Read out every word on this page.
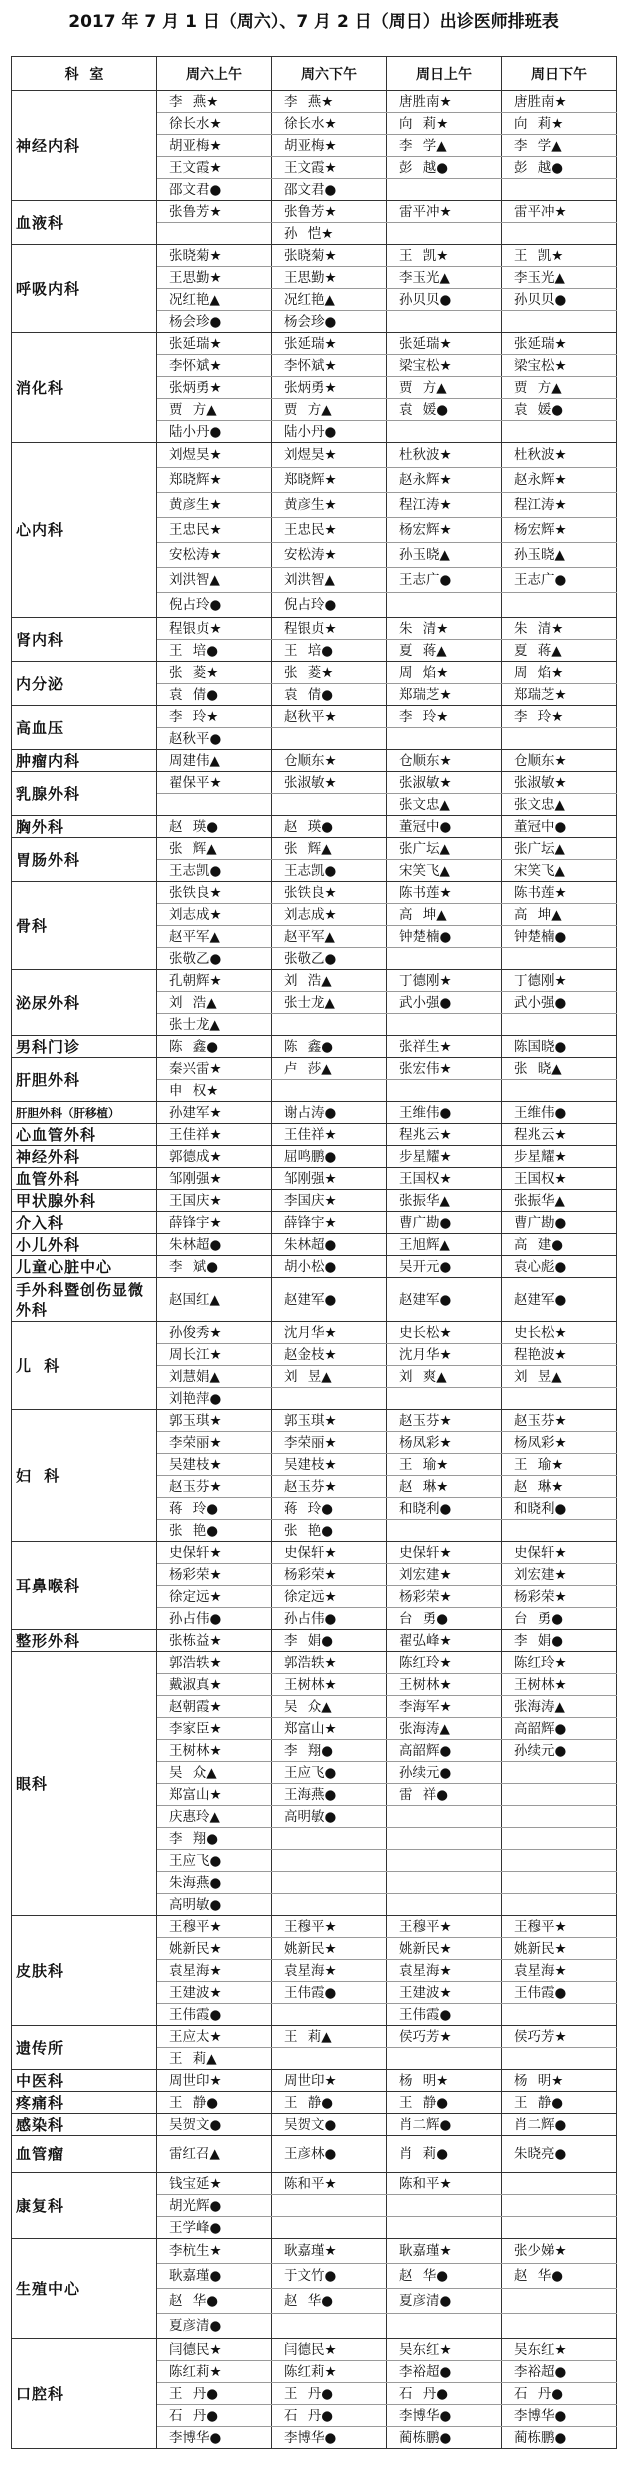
2017 年 7 月 1 日（周六）、7 月 2 日（周日）出诊医师排班表
科 室	周六上午	周六下午	周日上午	周日下午
神经内科	李 燕★	李 燕★	唐胜南★	唐胜南★
	徐长水★	徐长水★	向 莉★	向 莉★
	胡亚梅★	胡亚梅★	李 学▲	李 学▲
	王文霞★	王文霞★	彭 越●	彭 越●
	邵文君●	邵文君●		
血液科	张鲁芳★	张鲁芳★	雷平冲★	雷平冲★
		孙 恺★		
呼吸内科	张晓菊★	张晓菊★	王 凯★	王 凯★
	王思勤★	王思勤★	李玉光▲	李玉光▲
	况红艳▲	况红艳▲	孙贝贝●	孙贝贝●
	杨会珍●	杨会珍●		
消化科	张延瑞★	张延瑞★	张延瑞★	张延瑞★
	李怀斌★	李怀斌★	梁宝松★	梁宝松★
	张炳勇★	张炳勇★	贾 方▲	贾 方▲
	贾 方▲	贾 方▲	袁 媛●	袁 媛●
	陆小丹●	陆小丹●		
心内科	刘煜昊★	刘煜昊★	杜秋波★	杜秋波★
	郑晓辉★	郑晓辉★	赵永辉★	赵永辉★
	黄彦生★	黄彦生★	程江涛★	程江涛★
	王忠民★	王忠民★	杨宏辉★	杨宏辉★
	安松涛★	安松涛★	孙玉晓▲	孙玉晓▲
	刘洪智▲	刘洪智▲	王志广●	王志广●
	倪占玲●	倪占玲●		
肾内科	程银贞★	程银贞★	朱 清★	朱 清★
	王 培●	王 培●	夏 蒋▲	夏 蒋▲
内分泌	张 菱★	张 菱★	周 焰★	周 焰★
	袁 倩●	袁 倩●	郑瑞芝★	郑瑞芝★
高血压	李 玲★	赵秋平★	李 玲★	李 玲★
	赵秋平●			
肿瘤内科	周建伟▲	仓顺东★	仓顺东★	仓顺东★
乳腺外科	翟保平★	张淑敏★	张淑敏★	张淑敏★
			张文忠▲	张文忠▲
胸外科	赵 瑛●	赵 瑛●	董冠中●	董冠中●
胃肠外科	张 辉▲	张 辉▲	张广坛▲	张广坛▲
	王志凯●	王志凯●	宋笑飞▲	宋笑飞▲
骨科	张铁良★	张铁良★	陈书莲★	陈书莲★
	刘志成★	刘志成★	高 坤▲	高 坤▲
	赵平军▲	赵平军▲	钟楚楠●	钟楚楠●
	张敬乙●	张敬乙●		
泌尿外科	孔朝辉★	刘 浩▲	丁德刚★	丁德刚★
	刘 浩▲	张士龙▲	武小强●	武小强●
	张士龙▲			
男科门诊	陈 鑫●	陈 鑫●	张祥生★	陈国晓●
肝胆外科	秦兴雷★	卢 莎▲	张宏伟★	张 晓▲
	申 权★			
肝胆外科（肝移植）	孙建军★	谢占涛●	王维伟●	王维伟●
心血管外科	王佳祥★	王佳祥★	程兆云★	程兆云★
神经外科	郭德成★	屈鸣鹏●	步星耀★	步星耀★
血管外科	邹刚强★	邹刚强★	王国权★	王国权★
甲状腺外科	王国庆★	李国庆★	张振华▲	张振华▲
介入科	薛锋宇★	薛锋宇★	曹广勘●	曹广勘●
小儿外科	朱林超●	朱林超●	王旭辉▲	高 建●
儿童心脏中心	李 斌●	胡小松●	吴开元●	袁心彪●
手外科暨创伤显微外科	赵国红▲	赵建军●	赵建军●	赵建军●
儿 科	孙俊秀★	沈月华★	史长松★	史长松★
	周长江★	赵金枝★	沈月华★	程艳波★
	刘慧娟▲	刘 昱▲	刘 爽▲	刘 昱▲
	刘艳萍●			
妇 科	郭玉琪★	郭玉琪★	赵玉芬★	赵玉芬★
	李荣丽★	李荣丽★	杨凤彩★	杨凤彩★
	吴建枝★	吴建枝★	王 瑜★	王 瑜★
	赵玉芬★	赵玉芬★	赵 琳★	赵 琳★
	蒋 玲●	蒋 玲●	和晓利●	和晓利●
	张 艳●	张 艳●		
耳鼻喉科	史保轩★	史保轩★	史保轩★	史保轩★
	杨彩荣★	杨彩荣★	刘宏建★	刘宏建★
	徐定远★	徐定远★	杨彩荣★	杨彩荣★
	孙占伟●	孙占伟●	台 勇●	台 勇●
整形外科	张栋益★	李 娟●	翟弘峰★	李 娟●
眼科	郭浩轶★	郭浩轶★	陈红玲★	陈红玲★
	戴淑真★	王树林★	王树林★	王树林★
	赵朝霞★	吴 众▲	李海军★	张海涛▲
	李家臣★	郑富山★	张海涛▲	高韶辉●
	王树林★	李 翔●	高韶辉●	孙续元●
	吴 众▲	王应飞●	孙续元●	
	郑富山★	王海燕●	雷 祥●	
	庆惠玲▲	高明敏●		
	李 翔●			
	王应飞●			
	朱海燕●			
	高明敏●			
皮肤科	王穆平★	王穆平★	王穆平★	王穆平★
	姚新民★	姚新民★	姚新民★	姚新民★
	袁星海★	袁星海★	袁星海★	袁星海★
	王建波★	王伟霞●	王建波★	王伟霞●
	王伟霞●		王伟霞●	
遗传所	王应太★	王 莉▲	侯巧芳★	侯巧芳★
	王 莉▲			
中医科	周世印★	周世印★	杨 明★	杨 明★
疼痛科	王 静●	王 静●	王 静●	王 静●
感染科	吴贺文●	吴贺文●	肖二辉●	肖二辉●
血管瘤	雷红召▲	王彦林●	肖 莉●	朱晓亮●
康复科	钱宝延★	陈和平★	陈和平★	
	胡光辉●			
	王学峰●			
生殖中心	李杭生★	耿嘉瑾★	耿嘉瑾★	张少娣★
	耿嘉瑾●	于文竹●	赵 华●	赵 华●
	赵 华●	赵 华●	夏彦清●	
	夏彦清●			
口腔科	闫德民★	闫德民★	吴东红★	吴东红★
	陈红莉★	陈红莉★	李裕超●	李裕超●
	王 丹●	王 丹●	石 丹●	石 丹●
	石 丹●	石 丹●	李博华●	李博华●
	李博华●	李博华●	蔺栋鹏●	蔺栋鹏●
